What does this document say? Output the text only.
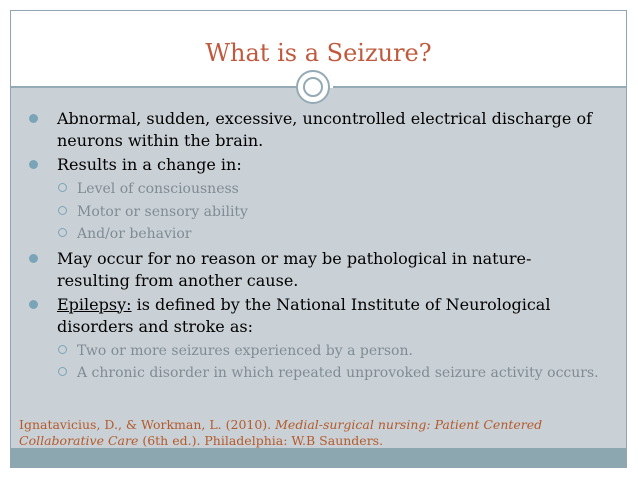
What is a Seizure?
Abnormal, sudden, excessive, uncontrolled electrical discharge of neurons within the brain.
Results in a change in:
Level of consciousness
Motor or sensory ability
And/or behavior
May occur for no reason or may be pathological in nature- resulting from another cause.
Epilepsy: is defined by the National Institute of Neurological disorders and stroke as:
Two or more seizures experienced by a person.
A chronic disorder in which repeated unprovoked seizure activity occurs.
Ignatavicius, D., & Workman, L. (2010). Medial-surgical nursing: Patient Centered Collaborative Care (6th ed.). Philadelphia: W.B Saunders.
